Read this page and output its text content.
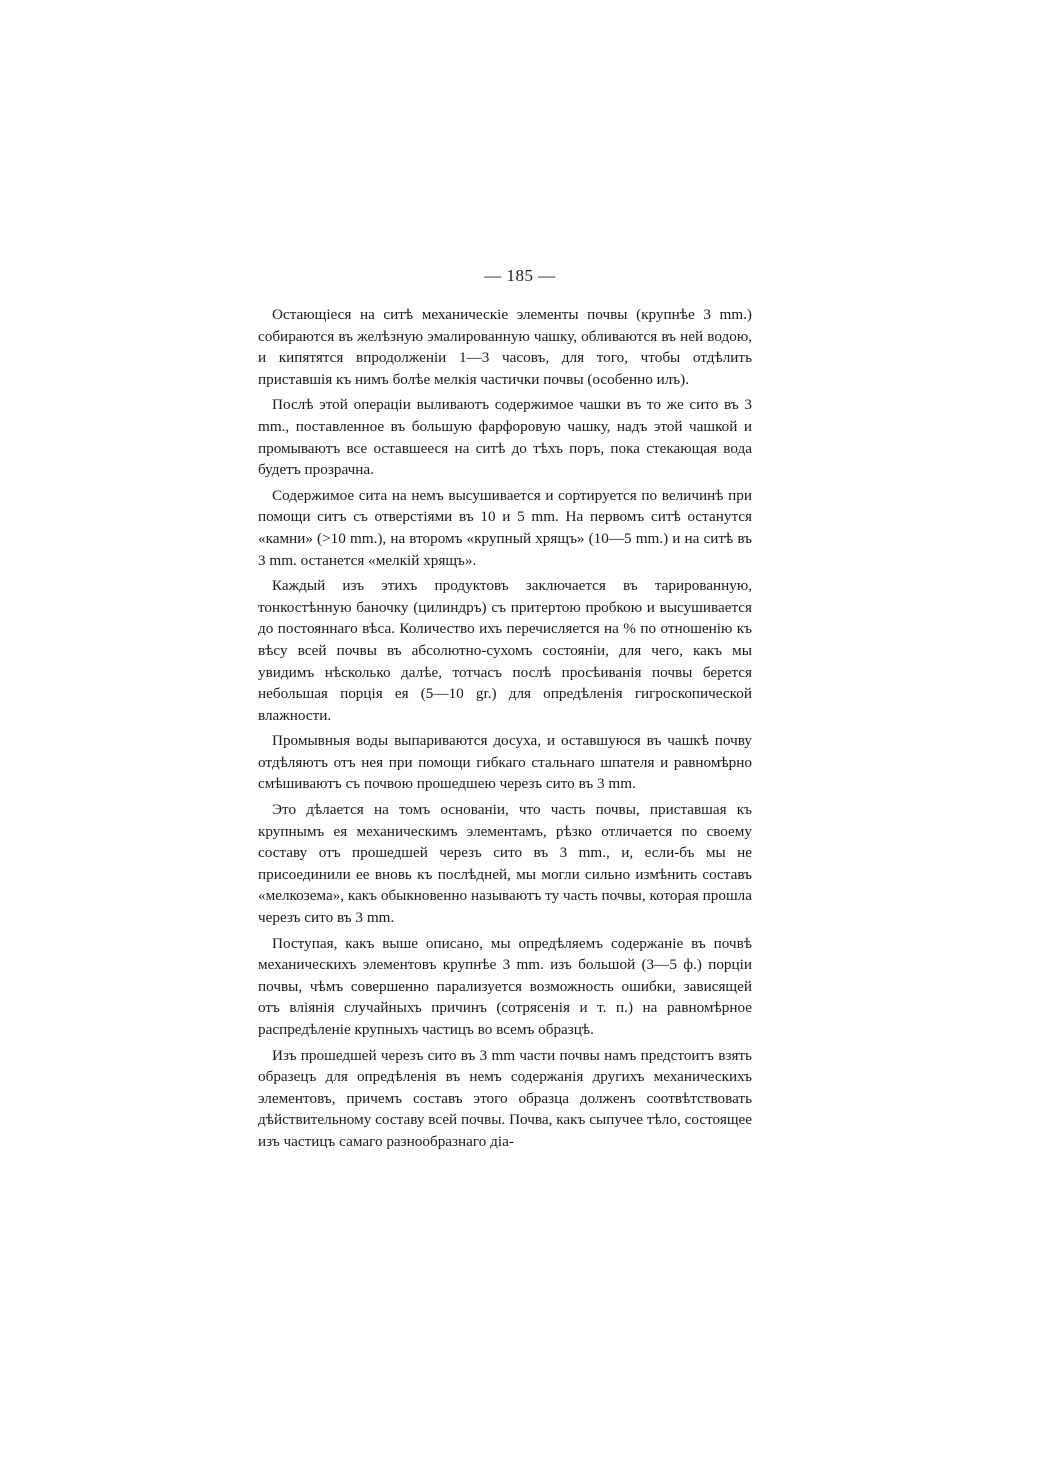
— 185 —

Остающіеся на ситѣ механическіе элементы почвы (крупнѣе 3 mm.) собираются въ желѣзную эмалированную чашку, обливаются въ ней водою, и кипятятся впродолженіи 1—3 часовъ, для того, чтобы отдѣлить приставшія къ нимъ болѣе мелкія частички почвы (особенно илъ).

Послѣ этой операціи выливаютъ содержимое чашки въ то же сито въ 3 mm., поставленное въ большую фарфоровую чашку, надъ этой чашкой и промываютъ все оставшееся на ситѣ до тѣхъ поръ, пока стекающая вода будетъ прозрачна.

Содержимое сита на немъ высушивается и сортируется по величинѣ при помощи ситъ съ отверстіями въ 10 и 5 mm. На первомъ ситѣ останутся «камни» (>10 mm.), на второмъ «крупный хрящъ» (10—5 mm.) и на ситѣ въ 3 mm. останется «мелкій хрящъ».

Каждый изъ этихъ продуктовъ заключается въ тарированную, тонкостѣнную баночку (цилиндръ) съ притертою пробкою и высушивается до постояннаго вѣса. Количество ихъ перечисляется на % по отношенію къ вѣсу всей почвы въ абсолютно-сухомъ состояніи, для чего, какъ мы увидимъ нѣсколько далѣе, тотчасъ послѣ просѣиванія почвы берется небольшая порція ея (5—10 gr.) для опредѣленія гигроскопической влажности.

Промывныя воды выпариваются досуха, и оставшуюся въ чашкѣ почву отдѣляютъ отъ нея при помощи гибкаго стальнаго шпателя и равномѣрно смѣшиваютъ съ почвою прошедшею черезъ сито въ 3 mm.

Это дѣлается на томъ основаніи, что часть почвы, приставшая къ крупнымъ ея механическимъ элементамъ, рѣзко отличается по своему составу отъ прошедшей черезъ сито въ 3 mm., и, если-бъ мы не присоединили ее вновь къ послѣдней, мы могли сильно измѣнить составъ «мелкозема», какъ обыкновенно называютъ ту часть почвы, которая прошла черезъ сито въ 3 mm.

Поступая, какъ выше описано, мы опредѣляемъ содержаніе въ почвѣ механическихъ элементовъ крупнѣе 3 mm. изъ большой (3—5 ф.) порціи почвы, чѣмъ совершенно парализуется возможность ошибки, зависящей отъ вліянія случайныхъ причинъ (сотрясенія и т. п.) на равномѣрное распредѣленіе крупныхъ частицъ во всемъ образцѣ.

Изъ прошедшей черезъ сито въ 3 mm части почвы намъ предстоитъ взять образецъ для опредѣленія въ немъ содержанія другихъ механическихъ элементовъ, причемъ составъ этого образца долженъ соотвѣтствовать дѣйствительному составу всей почвы. Почва, какъ сыпучее тѣло, состоящее изъ частицъ самаго разнообразнаго діа-
